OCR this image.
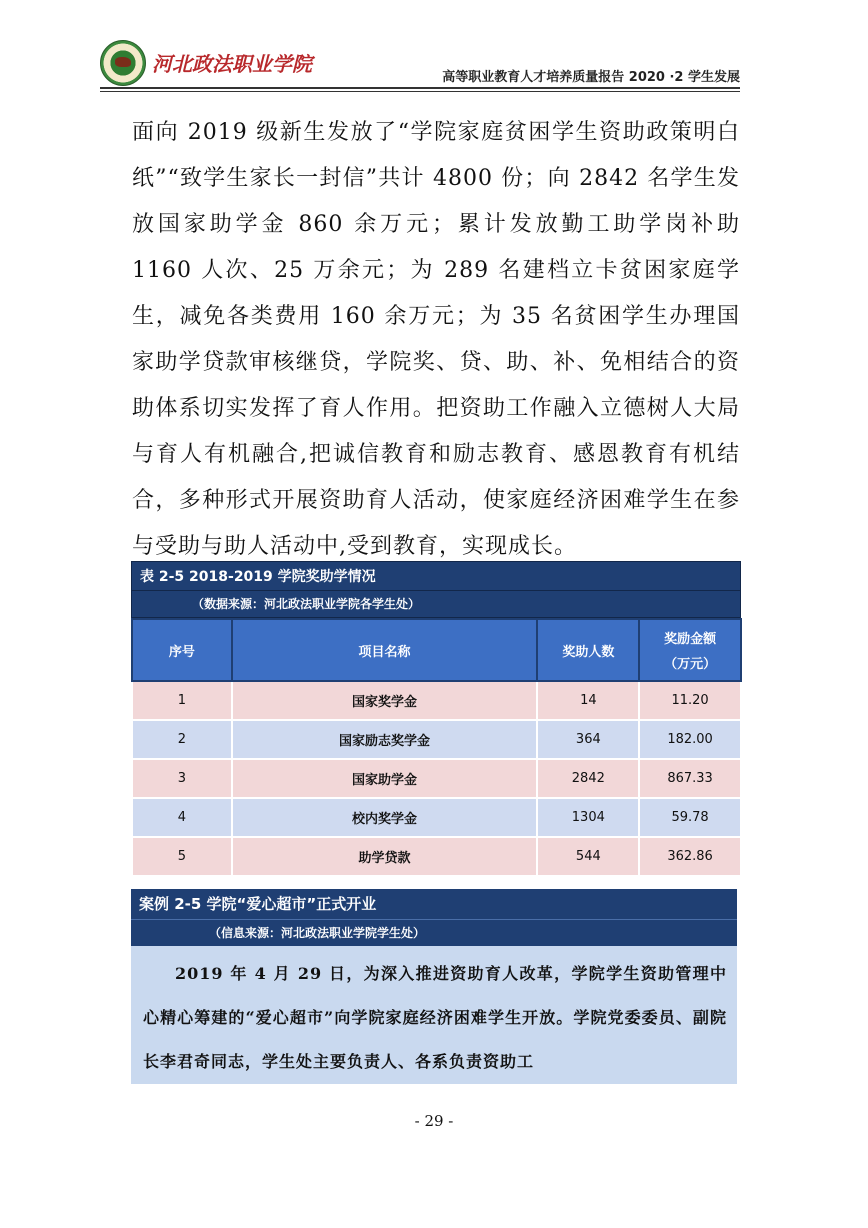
河北政法职业学院
高等职业教育人才培养质量报告 2020 ·2 学生发展
面向 2019 级新生发放了“学院家庭贫困学生资助政策明白纸”“致学生家长一封信”共计 4800 份；向 2842 名学生发放国家助学金 860 余万元；累计发放勤工助学岗补助 1160 人次、25 万余元；为 289 名建档立卡贫困家庭学生，减免各类费用 160 余万元；为 35 名贫困学生办理国家助学贷款审核继贷，学院奖、贷、助、补、免相结合的资助体系切实发挥了育人作用。把资助工作融入立德树人大局与育人有机融合,把诚信教育和励志教育、感恩教育有机结合，多种形式开展资助育人活动，使家庭经济困难学生在参与受助与助人活动中,受到教育，实现成长。
表 2-5 2018-2019 学院奖助学情况
（数据来源：河北政法职业学院各学生处）
序号	项目名称	奖助人数	奖励金额
（万元）

1	国家奖学金	14	11.20
2	国家励志奖学金	364	182.00
3	国家助学金	2842	867.33
4	校内奖学金	1304	59.78
5	助学贷款	544	362.86
案例 2-5 学院“爱心超市”正式开业
（信息来源：河北政法职业学院学生处）
2019 年 4 月 29 日，为深入推进资助育人改革，学院学生资助管理中心精心筹建的“爱心超市”向学院家庭经济困难学生开放。学院党委委员、副院长李君奇同志，学生处主要负责人、各系负责资助工
- 29 -
